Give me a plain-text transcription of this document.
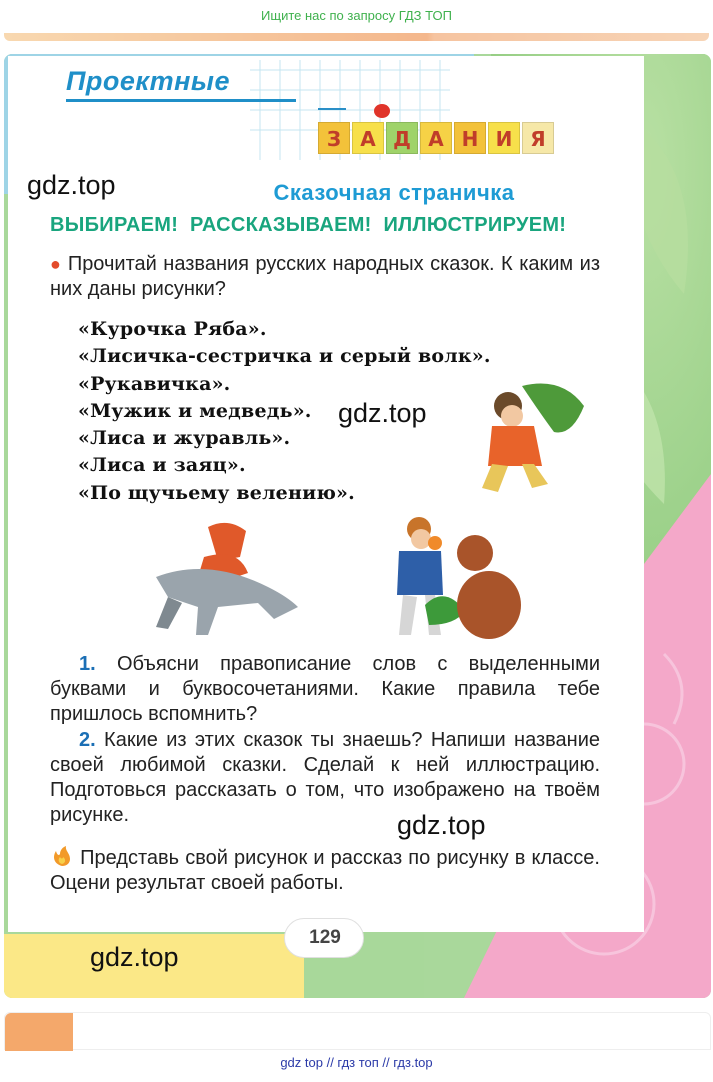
Ищите нас по запросу ГДЗ ТОП
Проектные
З А Д А Н И Я
gdz.top
gdz.top
gdz.top
gdz.top
Сказочная страничка
ВЫБИРАЕМ! РАССКАЗЫВАЕМ! ИЛЛЮСТРИРУЕМ!
● Прочитай названия русских народных сказок. К каким из них даны рисунки?
«Курочка Ряба».
«Лисичка-сестричка и серый волк».
«Рукавичка».
«Мужик и медведь».
«Лиса и журавль».
«Лиса и заяц».
«По щучьему велению».
1. Объясни правописание слов с выделенными буквами и буквосочетаниями. Какие правила тебе пришлось вспомнить?
2. Какие из этих сказок ты знаешь? Напиши название своей любимой сказки. Сделай к ней иллюстрацию. Подготовься рассказать о том, что изображено на твоём рисунке.
Представь свой рисунок и рассказ по рисунку в классе. Оцени результат своей работы.
129
gdz top // гдз топ // гдз.top
